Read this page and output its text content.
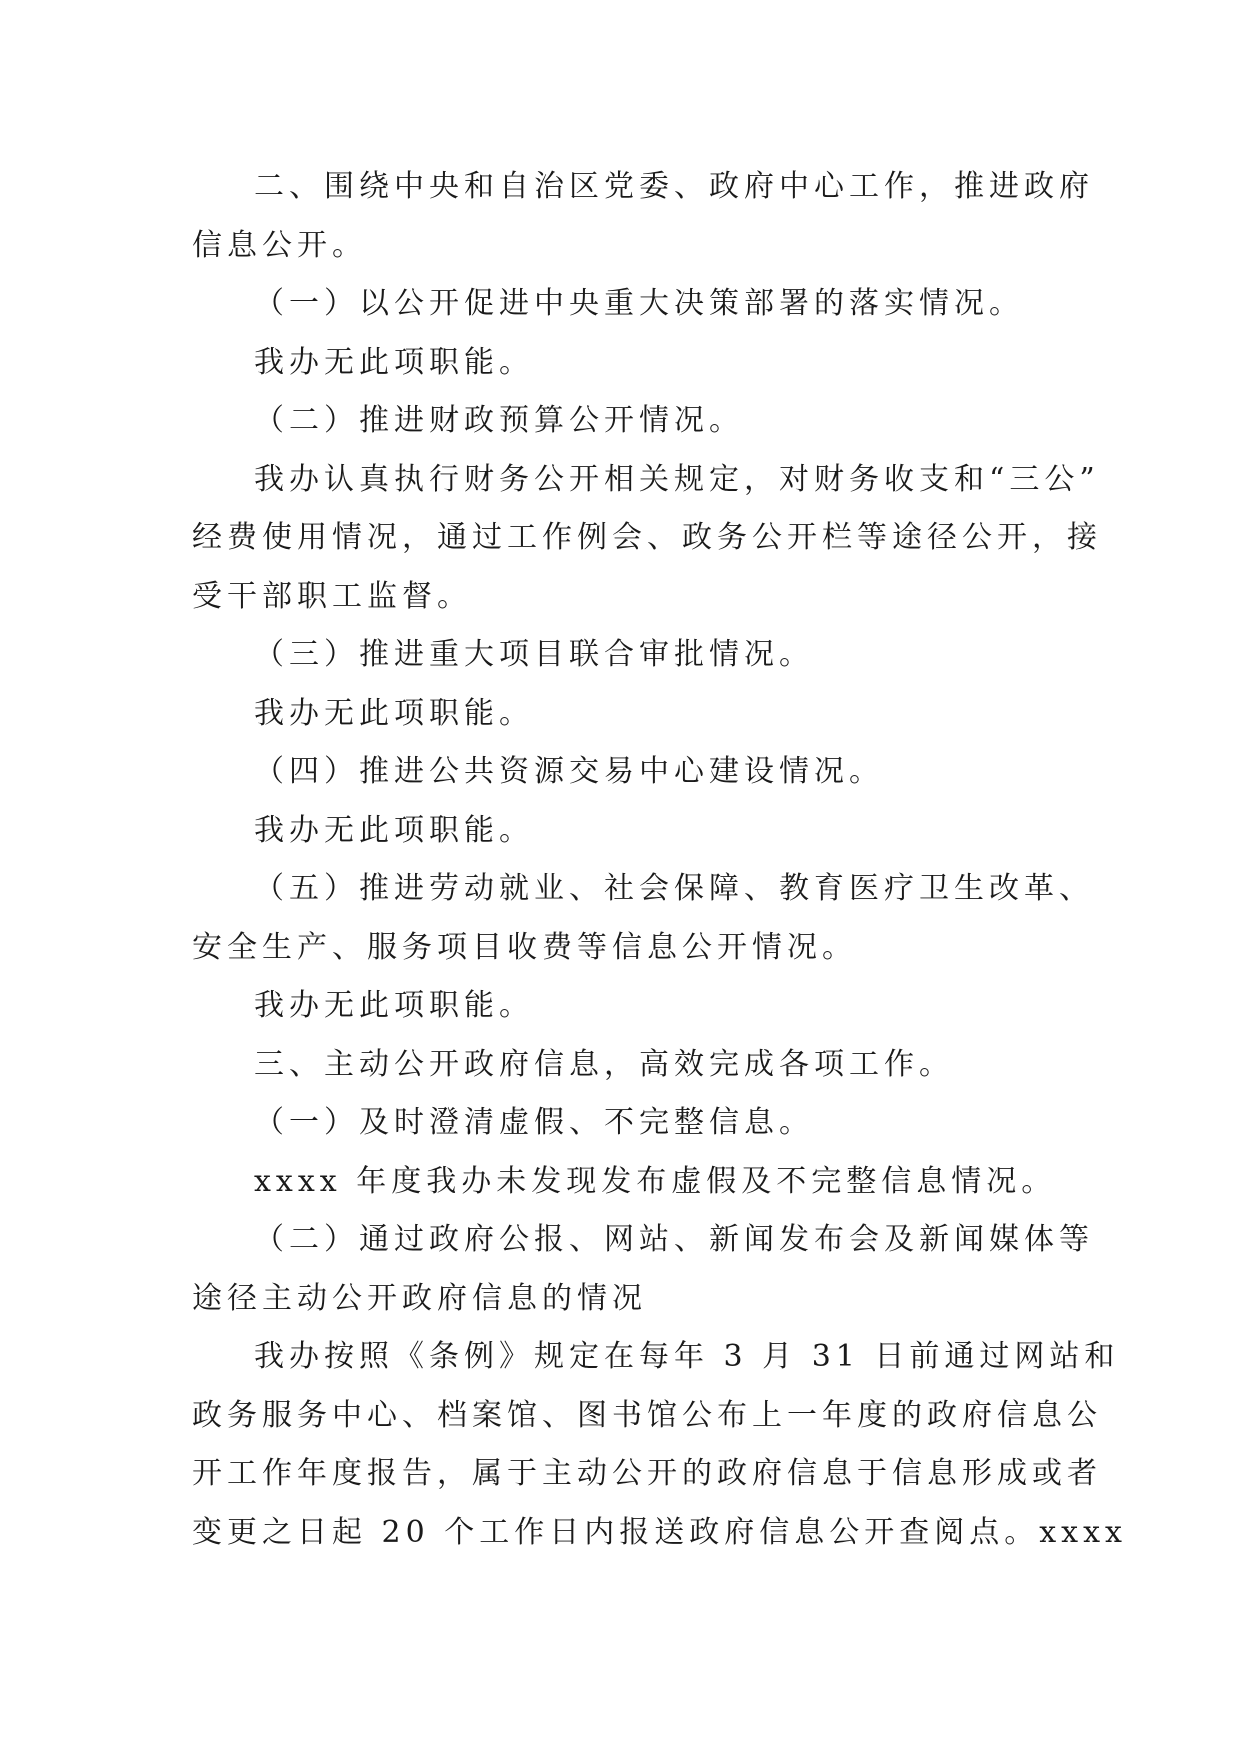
二、围绕中央和自治区党委、政府中心工作，推进政府

信息公开。

（一）以公开促进中央重大决策部署的落实情况。

我办无此项职能。

（二）推进财政预算公开情况。

我办认真执行财务公开相关规定，对财务收支和“三公”

经费使用情况，通过工作例会、政务公开栏等途径公开，接

受干部职工监督。

（三）推进重大项目联合审批情况。

我办无此项职能。

（四）推进公共资源交易中心建设情况。

我办无此项职能。

（五）推进劳动就业、社会保障、教育医疗卫生改革、

安全生产、服务项目收费等信息公开情况。

我办无此项职能。

三、主动公开政府信息，高效完成各项工作。

（一）及时澄清虚假、不完整信息。

xxxx 年度我办未发现发布虚假及不完整信息情况。

（二）通过政府公报、网站、新闻发布会及新闻媒体等

途径主动公开政府信息的情况

我办按照《条例》规定在每年 3 月 31 日前通过网站和

政务服务中心、档案馆、图书馆公布上一年度的政府信息公

开工作年度报告，属于主动公开的政府信息于信息形成或者

变更之日起 20 个工作日内报送政府信息公开查阅点。xxxx
